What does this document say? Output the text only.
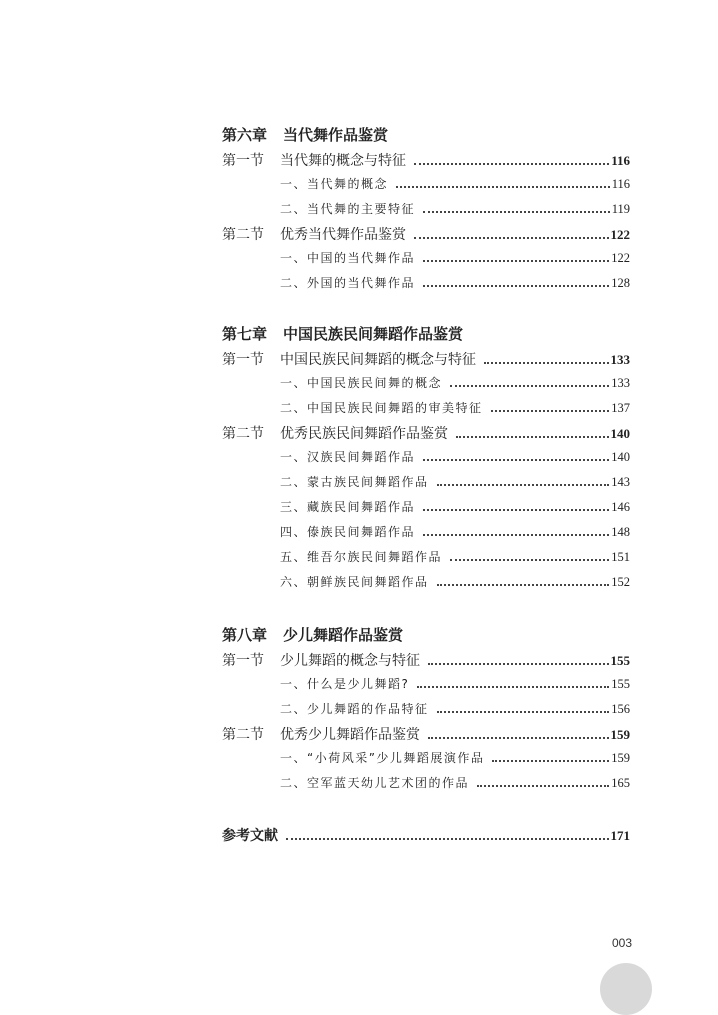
第六章 当代舞作品鉴赏
第一节	当代舞的概念与特征	116
一、当代舞的概念	116
二、当代舞的主要特征	119
第二节	优秀当代舞作品鉴赏	122
一、中国的当代舞作品	122
二、外国的当代舞作品	128
第七章 中国民族民间舞蹈作品鉴赏
第一节	中国民族民间舞蹈的概念与特征	133
一、中国民族民间舞的概念	133
二、中国民族民间舞蹈的审美特征	137
第二节	优秀民族民间舞蹈作品鉴赏	140
一、汉族民间舞蹈作品	140
二、蒙古族民间舞蹈作品	143
三、藏族民间舞蹈作品	146
四、傣族民间舞蹈作品	148
五、维吾尔族民间舞蹈作品	151
六、朝鲜族民间舞蹈作品	152
第八章 少儿舞蹈作品鉴赏
第一节	少儿舞蹈的概念与特征	155
一、什么是少儿舞蹈?	155
二、少儿舞蹈的作品特征	156
第二节	优秀少儿舞蹈作品鉴赏	159
一、“小荷风采”少儿舞蹈展演作品	159
二、空军蓝天幼儿艺术团的作品	165
参考文献	171
003
